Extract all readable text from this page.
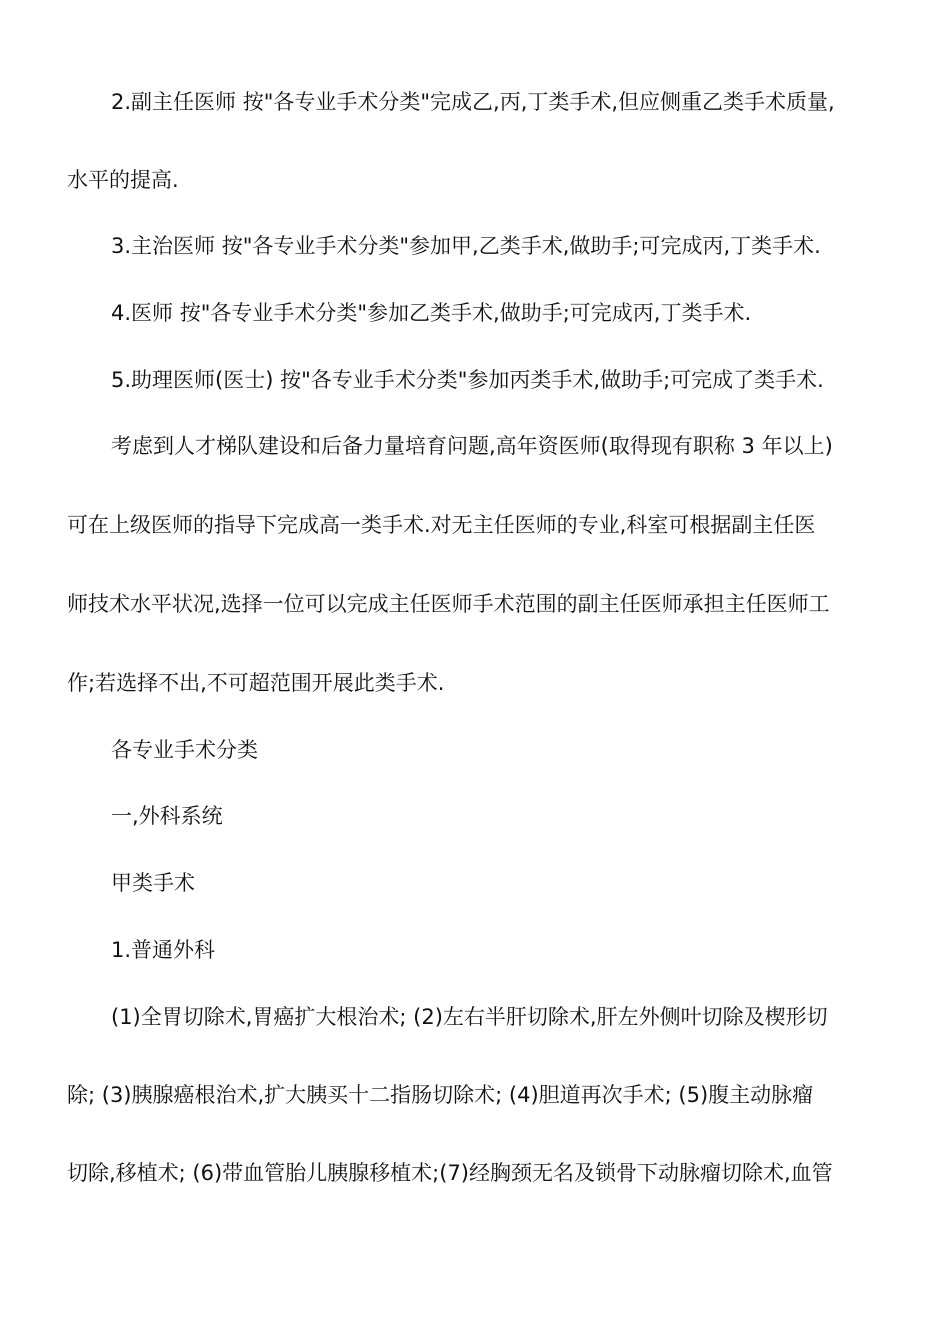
2.副主任医师 按"各专业手术分类"完成乙,丙,丁类手术,但应侧重乙类手术质量,
水平的提高.
3.主治医师 按"各专业手术分类"参加甲,乙类手术,做助手;可完成丙,丁类手术.
4.医师 按"各专业手术分类"参加乙类手术,做助手;可完成丙,丁类手术.
5.助理医师(医士) 按"各专业手术分类"参加丙类手术,做助手;可完成了类手术.
考虑到人才梯队建设和后备力量培育问题,高年资医师(取得现有职称 3 年以上)
可在上级医师的指导下完成高一类手术.对无主任医师的专业,科室可根据副主任医
师技术水平状况,选择一位可以完成主任医师手术范围的副主任医师承担主任医师工
作;若选择不出,不可超范围开展此类手术.
各专业手术分类
一,外科系统
甲类手术
1.普通外科
(1)全胃切除术,胃癌扩大根治术; (2)左右半肝切除术,肝左外侧叶切除及楔形切
除; (3)胰腺癌根治术,扩大胰买十二指肠切除术; (4)胆道再次手术; (5)腹主动脉瘤
切除,移植术; (6)带血管胎儿胰腺移植术;(7)经胸颈无名及锁骨下动脉瘤切除术,血管
